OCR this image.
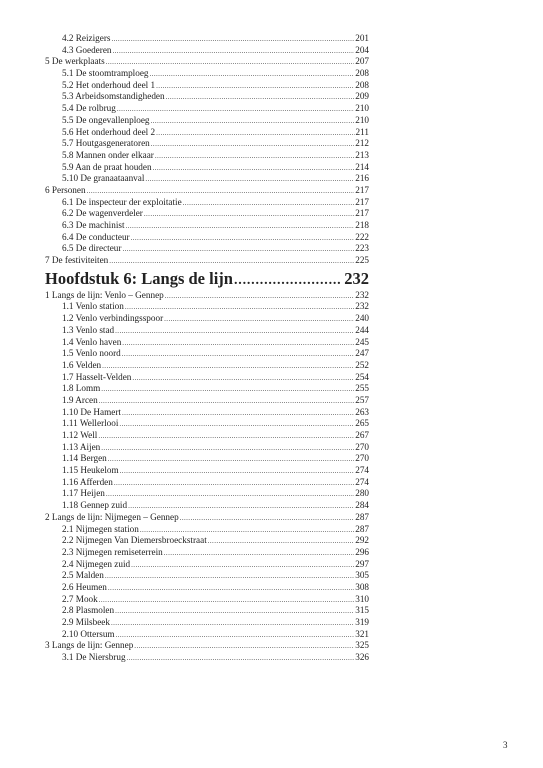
4.2 Reizigers .....	201
4.3 Goederen .....	204
5 De werkplaats .....	207
5.1 De stoomtramploeg .....	208
5.2 Het onderhoud deel 1 .....	208
5.3 Arbeidsomstandigheden .....	209
5.4 De rolbrug .....	210
5.5 De ongevallenploeg .....	210
5.6 Het onderhoud deel 2 .....	211
5.7 Houtgasgeneratoren .....	212
5.8 Mannen onder elkaar .....	213
5.9 Aan de praat houden .....	214
5.10 De granaataanval .....	216
6 Personen .....	217
6.1 De inspecteur der exploitatie .....	217
6.2 De wagenverdeler .....	217
6.3 De machinist .....	218
6.4 De conducteur .....	222
6.5 De directeur .....	223
7 De festiviteiten .....	225
Hoofdstuk 6: Langs de lijn .....	232
1 Langs de lijn: Venlo – Gennep .....	232
1.1 Venlo station .....	232
1.2 Venlo verbindingsspoor .....	240
1.3 Venlo stad .....	244
1.4 Venlo haven .....	245
1.5 Venlo noord .....	247
1.6 Velden .....	252
1.7 Hasselt-Velden .....	254
1.8 Lomm .....	255
1.9 Arcen .....	257
1.10 De Hamert .....	263
1.11 Wellerlooi .....	265
1.12 Well .....	267
1.13 Aijen .....	270
1.14 Bergen .....	270
1.15 Heukelom .....	274
1.16 Afferden .....	274
1.17 Heijen .....	280
1.18 Gennep zuid .....	284
2 Langs de lijn: Nijmegen – Gennep .....	287
2.1 Nijmegen station .....	287
2.2 Nijmegen Van Diemersbroeckstraat .....	292
2.3 Nijmegen remiseterrein .....	296
2.4 Nijmegen zuid .....	297
2.5 Malden .....	305
2.6 Heumen .....	308
2.7 Mook .....	310
2.8 Plasmolen .....	315
2.9 Milsbeek .....	319
2.10 Ottersum .....	321
3 Langs de lijn: Gennep .....	325
3.1 De Niersbrug .....	326
3
